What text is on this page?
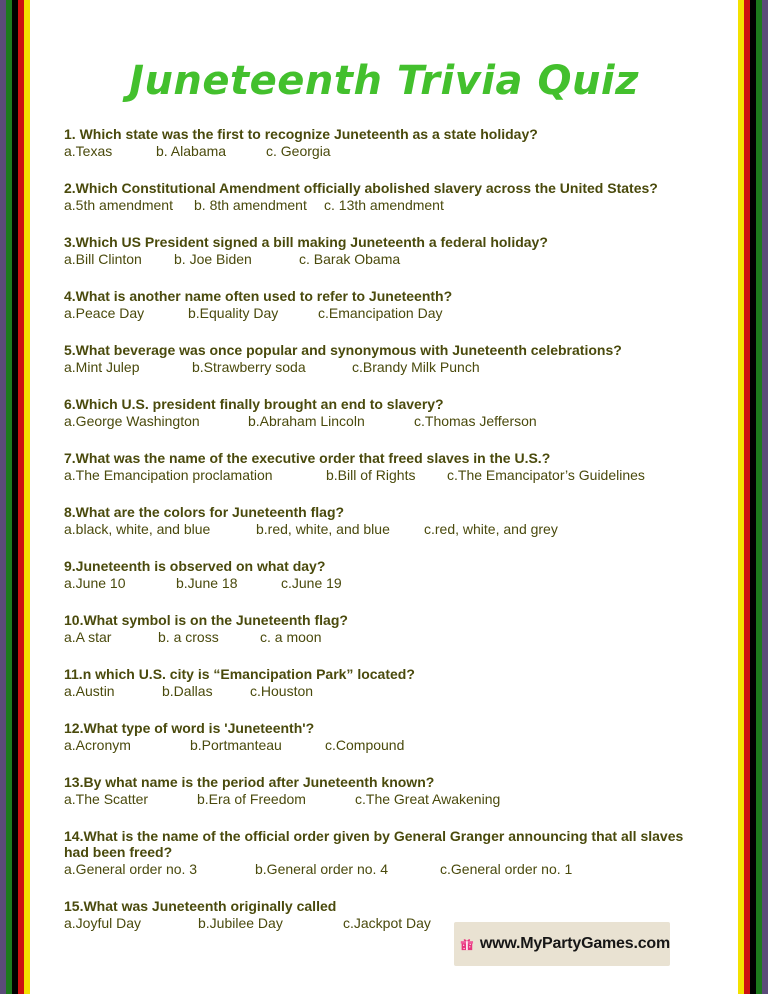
Juneteenth Trivia Quiz
1. Which state was the first to recognize Juneteenth as a state holiday?
a.Texas	b. Alabama	c. Georgia
2.Which Constitutional Amendment officially abolished slavery across the United States?
a.5th amendment b. 8th amendment c. 13th amendment
3.Which US President signed a bill making Juneteenth a federal holiday?
a.Bill Clinton b. Joe Biden	c. Barak Obama
4.What is another name often used to refer to Juneteenth?
a.Peace Day	b.Equality Day	c.Emancipation Day
5.What beverage was once popular and synonymous with Juneteenth celebrations?
a.Mint Julep	b.Strawberry soda	c.Brandy Milk Punch
6.Which U.S. president finally brought an end to slavery?
a.George Washington	b.Abraham Lincoln	c.Thomas Jefferson
7.What was the name of the executive order that freed slaves in the U.S.?
a.The Emancipation proclamation	b.Bill of Rights c.The Emancipator’s Guidelines
8.What are the colors for Juneteenth flag?
a.black, white, and blue	b.red, white, and blue c.red, white, and grey
9.Juneteenth is observed on what day?
a.June 10	b.June 18	c.June 19
10.What symbol is on the Juneteenth flag?
a.A star	b. a cross	c. a moon
11.n which U.S. city is “Emancipation Park” located?
a.Austin	b.Dallas	c.Houston
12.What type of word is 'Juneteenth'?
a.Acronym	b.Portmanteau	c.Compound
13.By what name is the period after Juneteenth known?
a.The Scatter	b.Era of Freedom	c.The Great Awakening
14.What is the name of the official order given by General Granger announcing that all slaves had been freed?
a.General order no. 3	b.General order no. 4	c.General order no. 1
15.What was Juneteenth originally called
a.Joyful Day	b.Jubilee Day	c.Jackpot Day
www.MyPartyGames.com
